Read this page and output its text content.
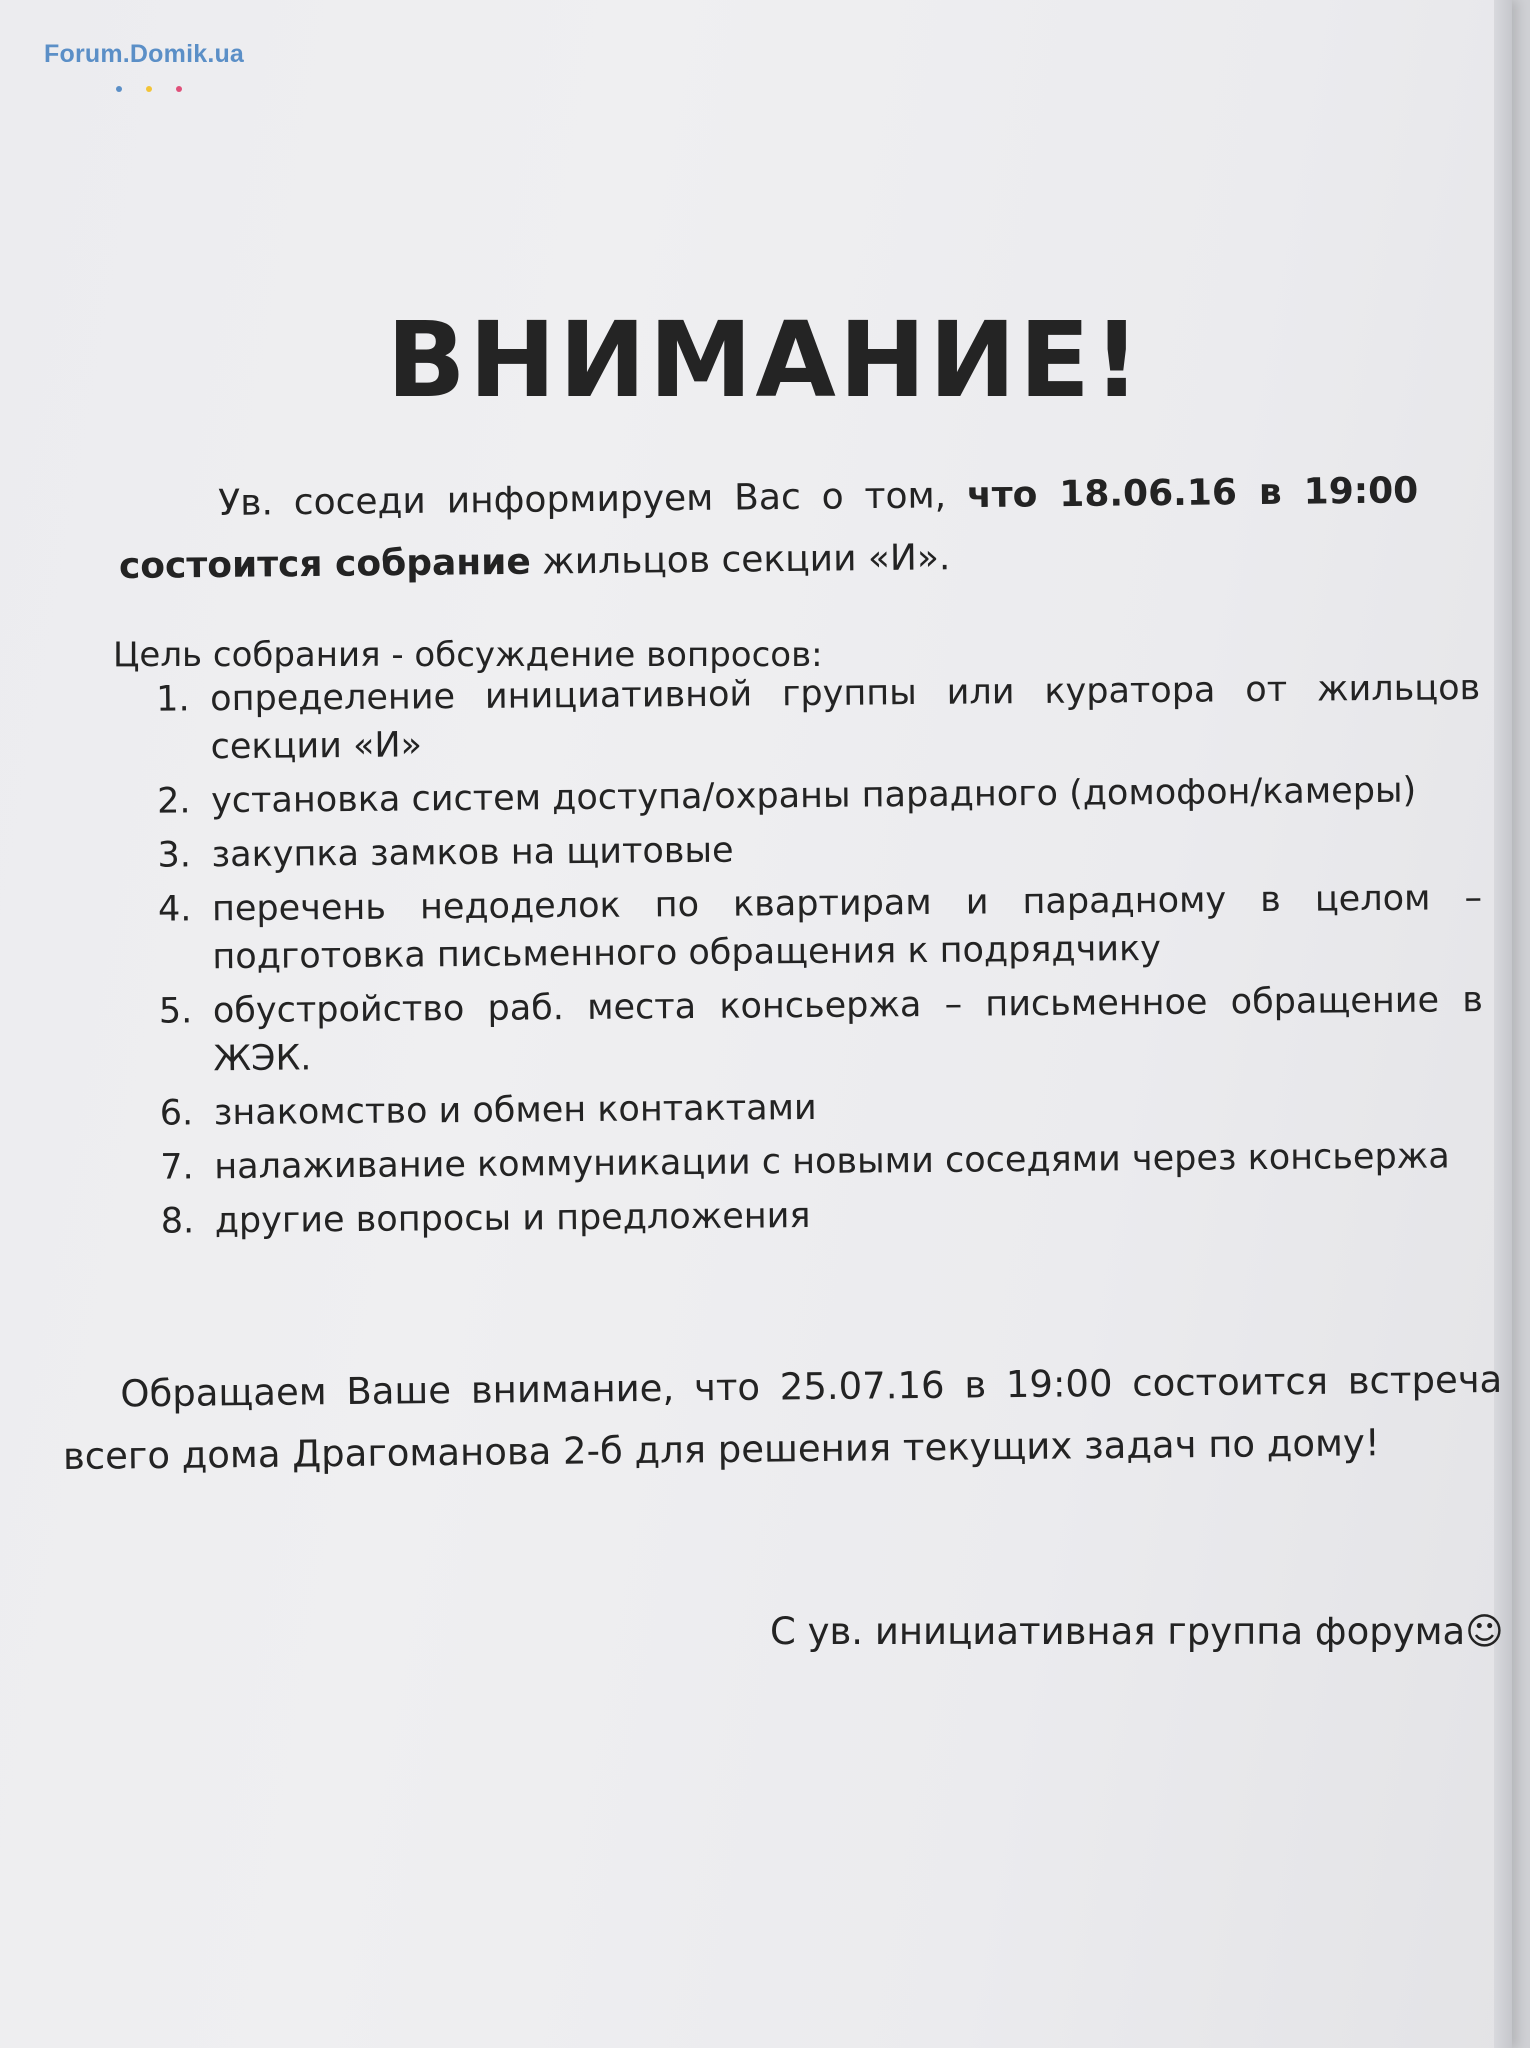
Forum.Domik.ua
ВНИМАНИЕ!

Ув. соседи информируем Вас о том, что 18.06.16 в 19:00 состоится собрание жильцов секции «И».

Цель собрания - обсуждение вопросов:

1. определение инициативной группы или куратора от жильцов секции «И»
2. установка систем доступа/охраны парадного (домофон/камеры)
3. закупка замков на щитовые
4. перечень недоделок по квартирам и парадному в целом – подготовка письменного обращения к подрядчику
5. обустройство раб. места консьержа – письменное обращение в ЖЭК.
6. знакомство и обмен контактами
7. налаживание коммуникации с новыми соседями через консьержа
8. другие вопросы и предложения

Обращаем Ваше внимание, что 25.07.16 в 19:00 состоится встреча всего дома Драгоманова 2-б для решения текущих задач по дому!

С ув. инициативная группа форума☺
